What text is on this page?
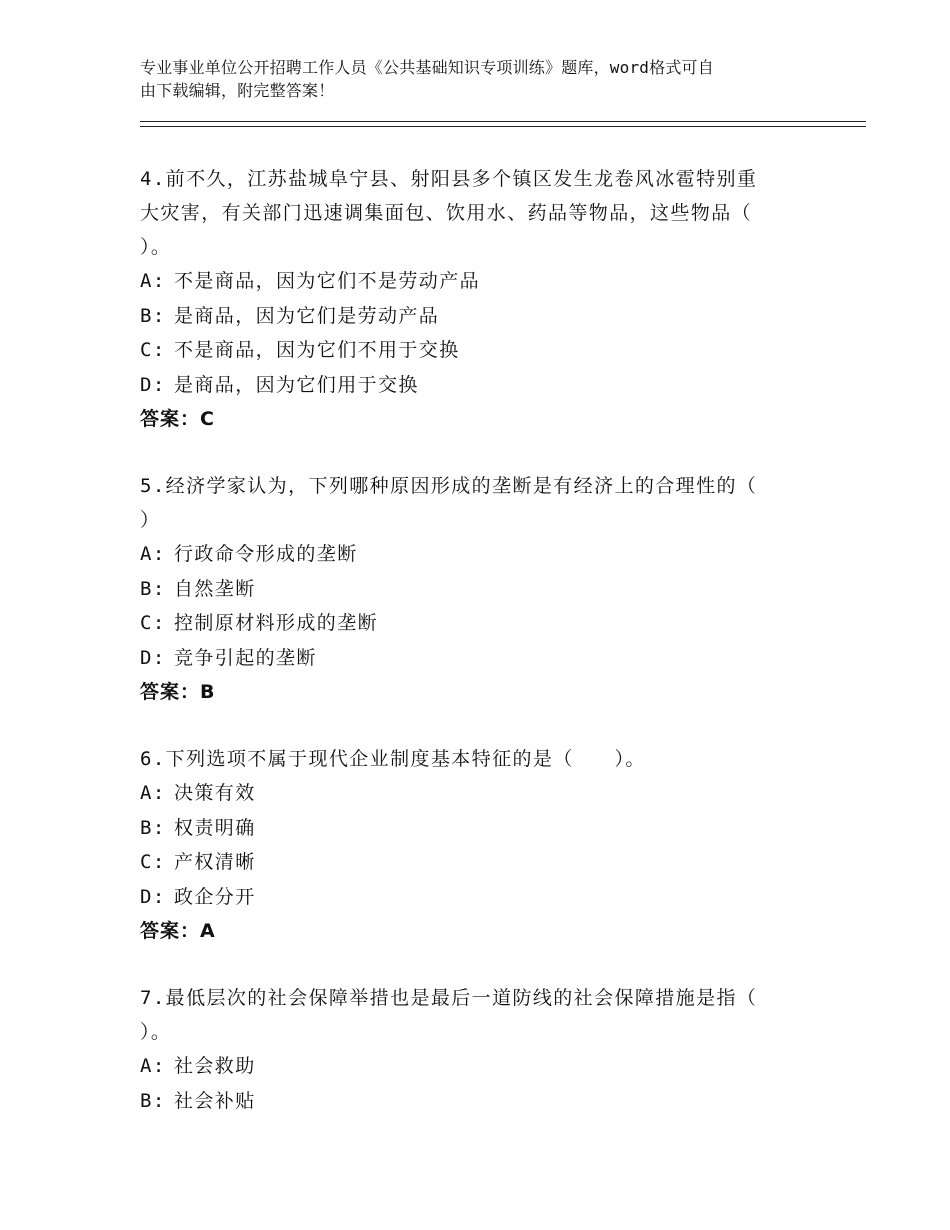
专业事业单位公开招聘工作人员《公共基础知识专项训练》题库，word格式可自
由下载编辑，附完整答案！

4.前不久，江苏盐城阜宁县、射阳县多个镇区发生龙卷风冰雹特别重

大灾害，有关部门迅速调集面包、饮用水、药品等物品，这些物品（

）。

A: 不是商品，因为它们不是劳动产品

B: 是商品，因为它们是劳动产品

C: 不是商品，因为它们不用于交换

D: 是商品，因为它们用于交换

答案：C

5.经济学家认为，下列哪种原因形成的垄断是有经济上的合理性的（

）

A: 行政命令形成的垄断

B: 自然垄断

C: 控制原材料形成的垄断

D: 竞争引起的垄断

答案：B

6.下列选项不属于现代企业制度基本特征的是（　　）。

A: 决策有效

B: 权责明确

C: 产权清晰

D: 政企分开

答案：A

7.最低层次的社会保障举措也是最后一道防线的社会保障措施是指（

）。

A: 社会救助

B: 社会补贴
